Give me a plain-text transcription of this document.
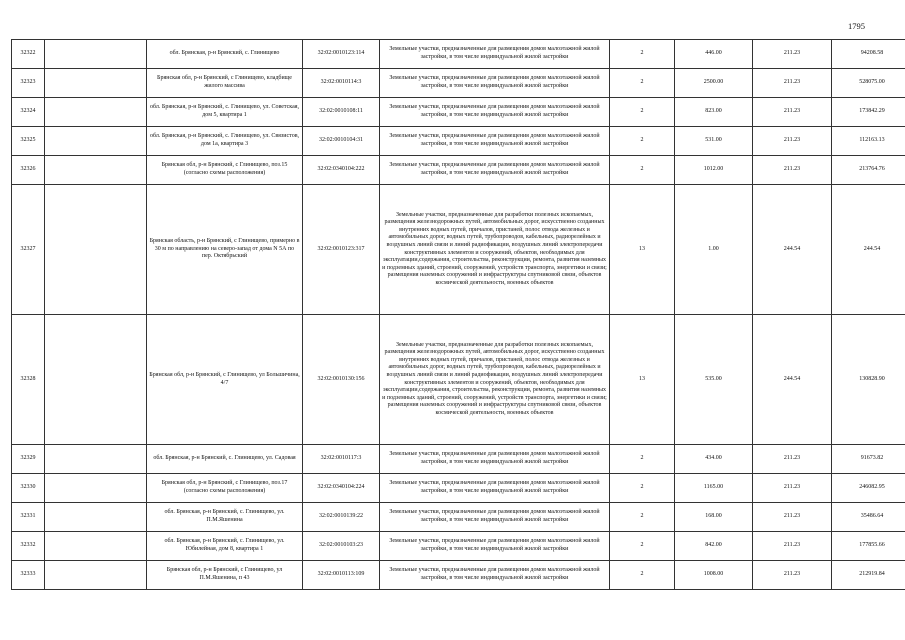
1795
32322		обл. Брянская, р-н Брянский, с. Глинищево	32:02:0010123:114	Земельные участки, предназначенные для размещения домов малоэтажной жилой застройки, в том числе индивидуальной жилой застройки	2	446.00	211.23	94208.58
32323		Брянская обл, р-н Брянский, с Глинищево, кладбище жилого массива	32:02:0010114:3	Земельные участки, предназначенные для размещения домов малоэтажной жилой застройки, в том числе индивидуальной жилой застройки	2	2500.00	211.23	528075.00
32324		обл. Брянская, р-н Брянский, с. Глинищево, ул. Советская, дом 5, квартира 1	32:02:0010108:11	Земельные участки, предназначенные для размещения домов малоэтажной жилой застройки, в том числе индивидуальной жилой застройки	2	823.00	211.23	173842.29
32325		обл. Брянская, р-н Брянский, с. Глинищево, ул. Связистов, дом 1а, квартира 3	32:02:0010104:31	Земельные участки, предназначенные для размещения домов малоэтажной жилой застройки, в том числе индивидуальной жилой застройки	2	531.00	211.23	112163.13
32326		Брянская обл, р-н Брянский, с Глинищево, поз.15 (согласно схемы расположения)	32:02:0340104:222	Земельные участки, предназначенные для размещения домов малоэтажной жилой застройки, в том числе индивидуальной жилой застройки	2	1012.00	211.23	213764.76
32327		Брянская область, р-н Брянский, с Глинищево, примерно в 30 м по направлению на северо-запад от дома N 5А по пер. Октябрьский	32:02:0010123:317	Земельные участки, предназначенные для разработки полезных ископаемых, размещения железнодорожных путей, автомобильных дорог, искусственно созданных внутренних водных путей, причалов, пристаней, полос отвода железных и автомобильных дорог, водных путей, трубопроводов, кабельных, радиорелейных и воздушных линий связи и линий радиофикации, воздушных линий электропередачи конструктивных элементов и сооружений, объектов, необходимых для эксплуатации,содержания, строительства, реконструкции, ремонта, развития наземных и подземных зданий, строений, сооружений, устройств транспорта, энергетики и связи; размещения наземных сооружений и инфраструктуры спутниковой связи, объектов космической деятельности, военных объектов	13	1.00	244.54	244.54
32328		Брянская обл, р-н Брянский, с Глинищево, ул Большичина, 4/7	32:02:0010130:156	Земельные участки, предназначенные для разработки полезных ископаемых, размещения железнодорожных путей, автомобильных дорог, искусственно созданных внутренних водных путей, причалов, пристаней, полос отвода железных и автомобильных дорог, водных путей, трубопроводов, кабельных, радиорелейных и воздушных линий связи и линий радиофикации, воздушных линий электропередачи конструктивных элементов и сооружений, объектов, необходимых для эксплуатации,содержания, строительства, реконструкции, ремонта, развития наземных и подземных зданий, строений, сооружений, устройств транспорта, энергетики и связи; размещения наземных сооружений и инфраструктуры спутниковой связи, объектов космической деятельности, военных объектов	13	535.00	244.54	130828.90
32329		обл. Брянская, р-н Брянский, с. Глинищево, ул. Садовая	32:02:0010117:3	Земельные участки, предназначенные для размещения домов малоэтажной жилой застройки, в том числе индивидуальной жилой застройки	2	434.00	211.23	91673.82
32330		Брянская обл, р-н Брянский, с Глинищево, поз.17 (согласно схемы расположения)	32:02:0340104:224	Земельные участки, предназначенные для размещения домов малоэтажной жилой застройки, в том числе индивидуальной жилой застройки	2	1165.00	211.23	246082.95
32331		обл. Брянская, р-н Брянский, с. Глинищево, ул. П.М.Яшенина	32:02:0010139:22	Земельные участки, предназначенные для размещения домов малоэтажной жилой застройки, в том числе индивидуальной жилой застройки	2	168.00	211.23	35486.64
32332		обл. Брянская, р-н Брянский, с. Глинищево, ул. Юбилейная, дом 8, квартира 1	32:02:0010103:23	Земельные участки, предназначенные для размещения домов малоэтажной жилой застройки, в том числе индивидуальной жилой застройки	2	842.00	211.23	177855.66
32333		Брянская обл, р-н Брянский, с Глинищево, ул П.М.Яшенина, п 43	32:02:0010113:109	Земельные участки, предназначенные для размещения домов малоэтажной жилой застройки, в том числе индивидуальной жилой застройки	2	1008.00	211.23	212919.84
